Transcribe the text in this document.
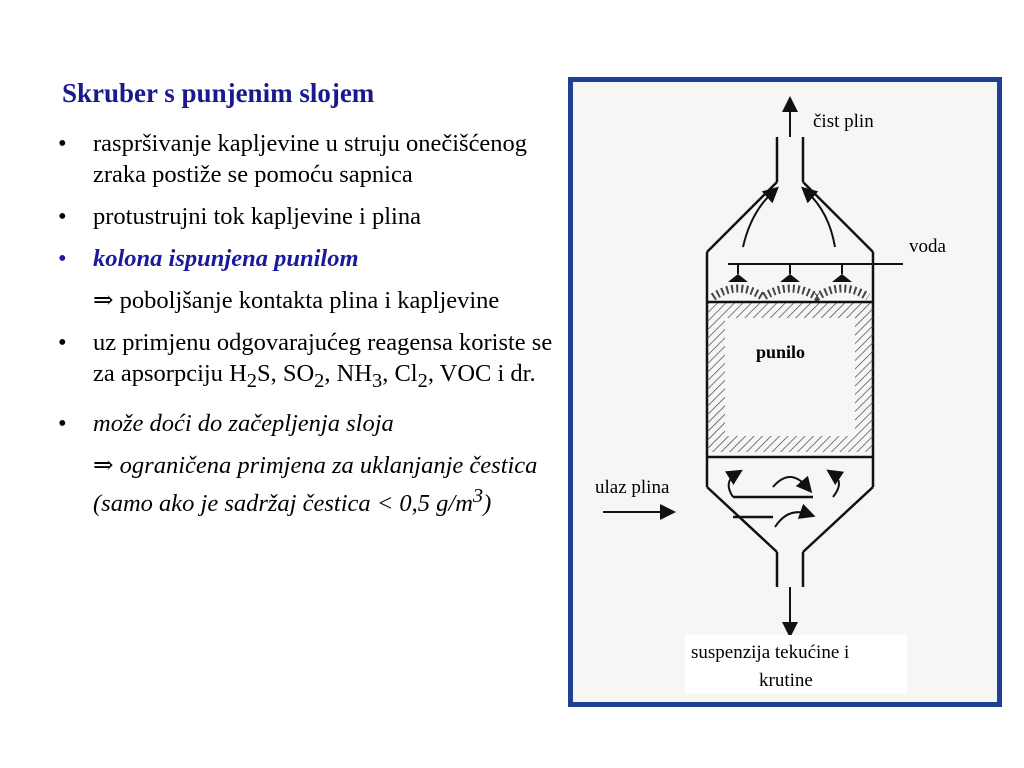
Skruber s punjenim slojem
• raspršivanje kapljevine u struju onečišćenog zraka postiže se pomoću sapnica
• protustrujni tok kapljevine i plina
• kolona ispunjena punilom
⇒ poboljšanje kontakta plina i kapljevine
• uz primjenu odgovarajućeg reagensa koriste se za apsorpciju $H_2S$, $SO_2$, $NH_3$, $Cl_2$, VOC i dr.
• može doći do začepljenja sloja
⇒ ograničena primjena za uklanjanje čestica (samo ako je sadržaj čestica < 0,5 $g/m^3$)
čist plin
voda
punilo
ulaz plina
suspenzija tekućine i
krutine
